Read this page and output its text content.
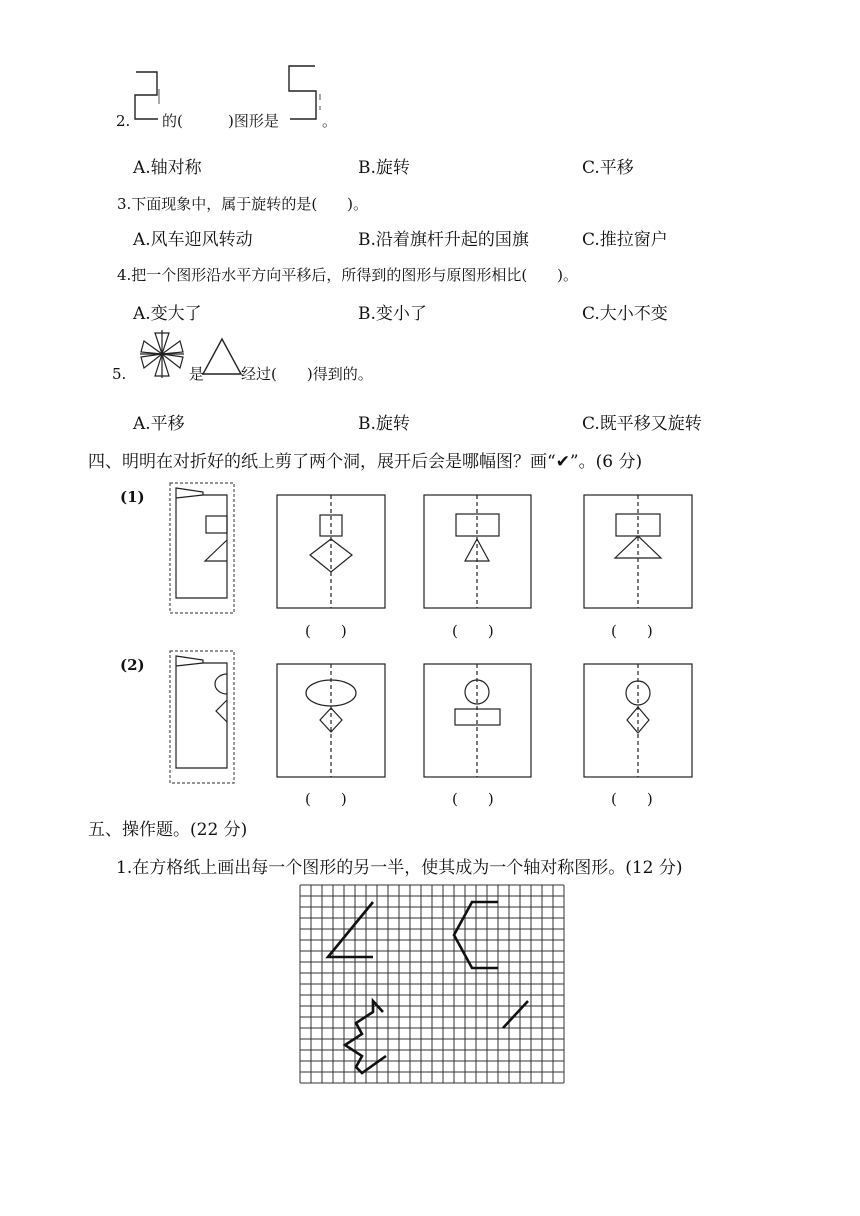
2. 的(	)图形是	。
A.轴对称	B.旋转	C.平移
3.下面现象中，属于旋转的是(　　)。
A.风车迎风转动	B.沿着旗杆升起的国旗	C.推拉窗户
4.把一个图形沿水平方向平移后，所得到的图形与原图形相比(　　)。
A.变大了	B.变小了	C.大小不变
5.	是 经过(　　)得到的。
A.平移	B.旋转	C.既平移又旋转
四、明明在对折好的纸上剪了两个洞，展开后会是哪幅图？画“✔”。(6 分)
(1)
(2)
(　　)	(　　)	(　　)
(　　)	(　　)	(　　)
五、操作题。(22 分)
1.在方格纸上画出每一个图形的另一半，使其成为一个轴对称图形。(12 分)
